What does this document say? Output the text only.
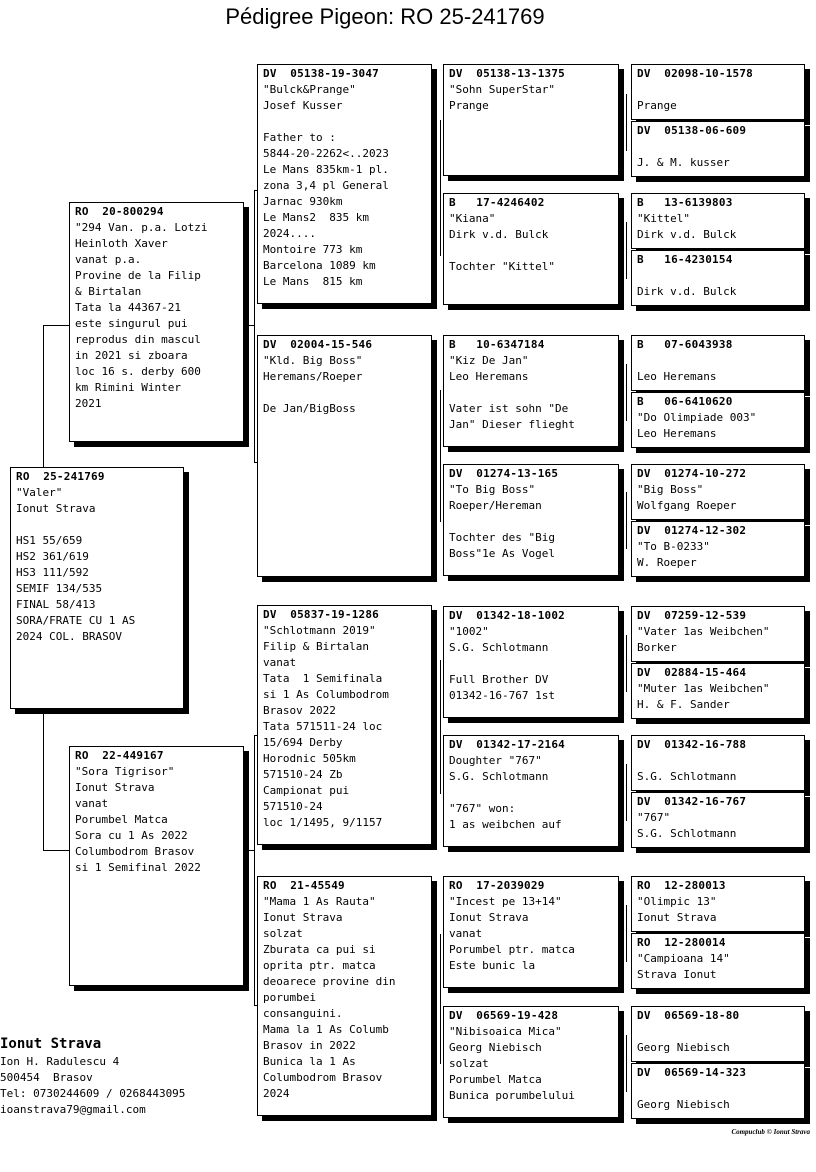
Pédigree Pigeon: RO 25-241769
RO  25-241769
"Valer"
Ionut Strava

HS1 55/659
HS2 361/619
HS3 111/592
SEMIF 134/535
FINAL 58/413
SORA/FRATE CU 1 AS
2024 COL. BRASOV
RO  20-800294
"294 Van. p.a. Lotzi
Heinloth Xaver
vanat p.a.
Provine de la Filip
& Birtalan
Tata la 44367-21
este singurul pui
reprodus din mascul
in 2021 si zboara
loc 16 s. derby 600
km Rimini Winter
2021
RO  22-449167
"Sora Tigrisor"
Ionut Strava
vanat
Porumbel Matca
Sora cu 1 As 2022
Columbodrom Brasov
si 1 Semifinal 2022
DV  05138-19-3047
"Bulck&Prange"
Josef Kusser

Father to :
5844-20-2262<..2023
Le Mans 835km-1 pl.
zona 3,4 pl General
Jarnac 930km
Le Mans2  835 km
2024....
Montoire 773 km
Barcelona 1089 km
Le Mans  815 km
DV  02004-15-546
"Kld. Big Boss"
Heremans/Roeper

De Jan/BigBoss
DV  05837-19-1286
"Schlotmann 2019"
Filip & Birtalan
vanat
Tata  1 Semifinala
si 1 As Columbodrom
Brasov 2022
Tata 571511-24 loc
15/694 Derby
Horodnic 505km
571510-24 Zb
Campionat pui
571510-24
loc 1/1495, 9/1157
RO  21-45549
"Mama 1 As Rauta"
Ionut Strava
solzat
Zburata ca pui si
oprita ptr. matca
deoarece provine din
porumbei
consanguini.
Mama la 1 As Columb
Brasov in 2022
Bunica la 1 As
Columbodrom Brasov
2024
DV  05138-13-1375
"Sohn SuperStar"
Prange
B   17-4246402
"Kiana"
Dirk v.d. Bulck

Tochter "Kittel"
B   10-6347184
"Kiz De Jan"
Leo Heremans

Vater ist sohn "De
Jan" Dieser flieght
DV  01274-13-165
"To Big Boss"
Roeper/Hereman

Tochter des "Big
Boss"1e As Vogel
DV  01342-18-1002
"1002"
S.G. Schlotmann

Full Brother DV
01342-16-767 1st
DV  01342-17-2164
Doughter "767"
S.G. Schlotmann

"767" won:
1 as weibchen auf
RO  17-2039029
"Incest pe 13+14"
Ionut Strava
vanat
Porumbel ptr. matca
Este bunic la
DV  06569-19-428
"Nibisoaica Mica"
Georg Niebisch
solzat
Porumbel Matca
Bunica porumbelului
DV  02098-10-1578

Prange
DV  05138-06-609

J. & M. kusser
B   13-6139803
"Kittel"
Dirk v.d. Bulck
B   16-4230154

Dirk v.d. Bulck
B   07-6043938

Leo Heremans
B   06-6410620
"Do Olimpiade 003"
Leo Heremans
DV  01274-10-272
"Big Boss"
Wolfgang Roeper
DV  01274-12-302
"To B-0233"
W. Roeper
DV  07259-12-539
"Vater 1as Weibchen"
Borker
DV  02884-15-464
"Muter 1as Weibchen"
H. & F. Sander
DV  01342-16-788

S.G. Schlotmann
DV  01342-16-767
"767"
S.G. Schlotmann
RO  12-280013
"Olimpic 13"
Ionut Strava
RO  12-280014
"Campioana 14"
Strava Ionut
DV  06569-18-80

Georg Niebisch
DV  06569-14-323

Georg Niebisch
Ionut Strava
Ion H. Radulescu 4
500454  Brasov
Tel: 0730244609 / 0268443095
ioanstrava79@gmail.com
Compuclub © Ionut Strava
